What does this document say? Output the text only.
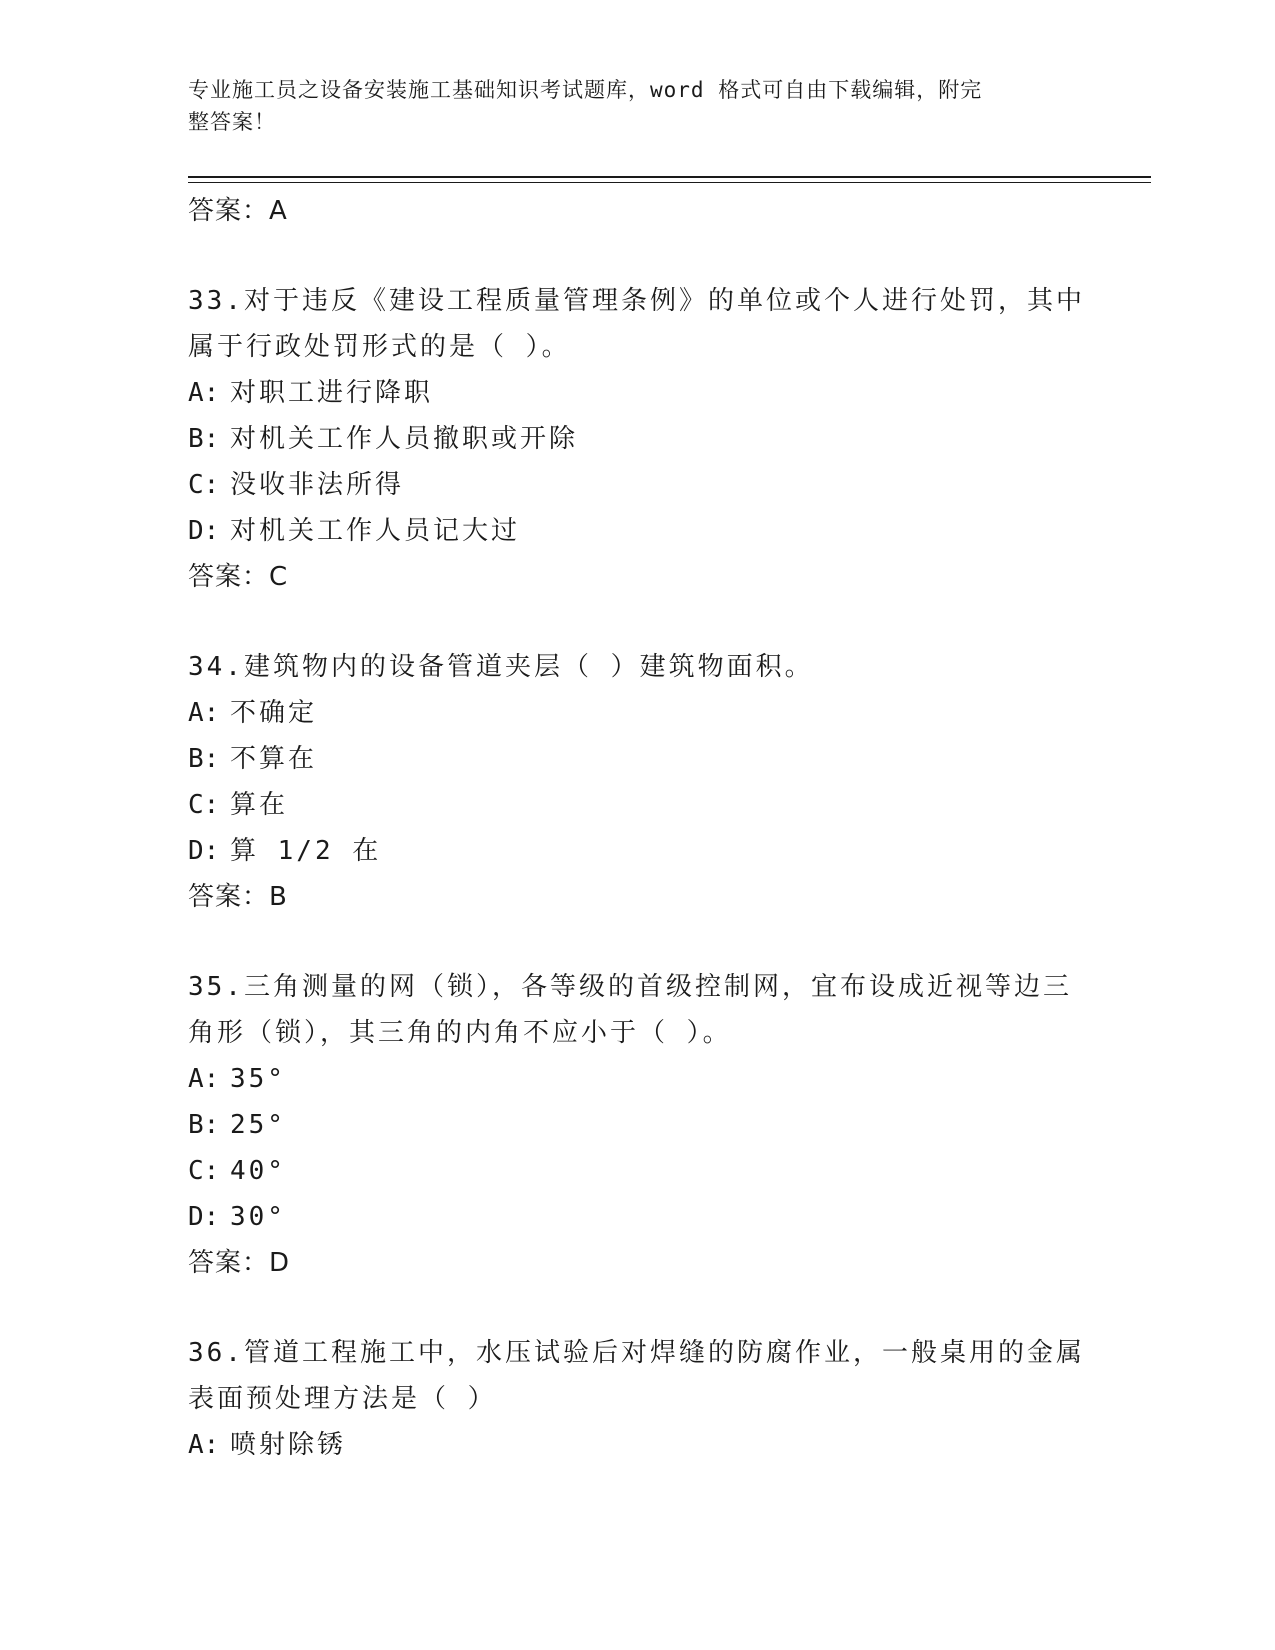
专业施工员之设备安装施工基础知识考试题库，word 格式可自由下载编辑，附完
整答案！
答案：A
33.对于违反《建设工程质量管理条例》的单位或个人进行处罚，其中
属于行政处罚形式的是（ ）。
A: 对职工进行降职
B: 对机关工作人员撤职或开除
C: 没收非法所得
D: 对机关工作人员记大过
答案：C
34.建筑物内的设备管道夹层（ ）建筑物面积。
A: 不确定
B: 不算在
C: 算在
D: 算 1/2 在
答案：B
35.三角测量的网（锁），各等级的首级控制网，宜布设成近视等边三
角形（锁），其三角的内角不应小于（ ）。
A: 35°
B: 25°
C: 40°
D: 30°
答案：D
36.管道工程施工中，水压试验后对焊缝的防腐作业，一般桌用的金属
表面预处理方法是（ ）
A: 喷射除锈
